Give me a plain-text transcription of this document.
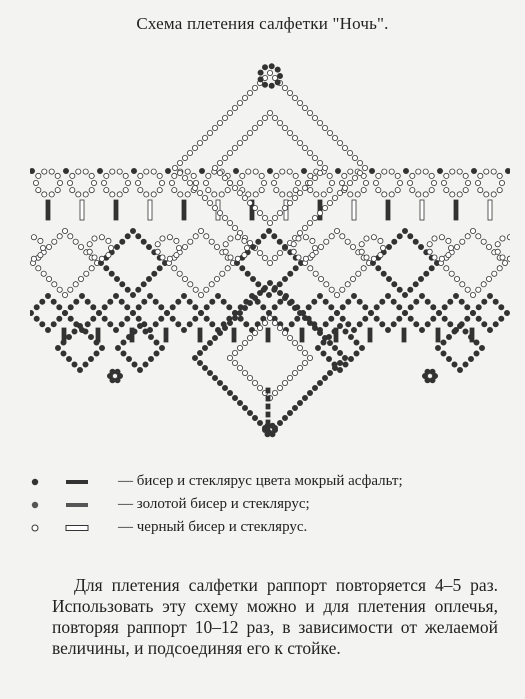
Схема плетения салфетки "Ночь".
— бисер и стеклярус цвета мокрый асфальт;
— золотой бисер и стеклярус;
— черный бисер и стеклярус.
Для плетения салфетки раппорт повторяется 4–5 раз. Использовать эту схему можно и для плетения оплечья, повторяя раппорт 10–12 раз, в зависимости от желаемой величины, и подсоединяя его к стойке.
